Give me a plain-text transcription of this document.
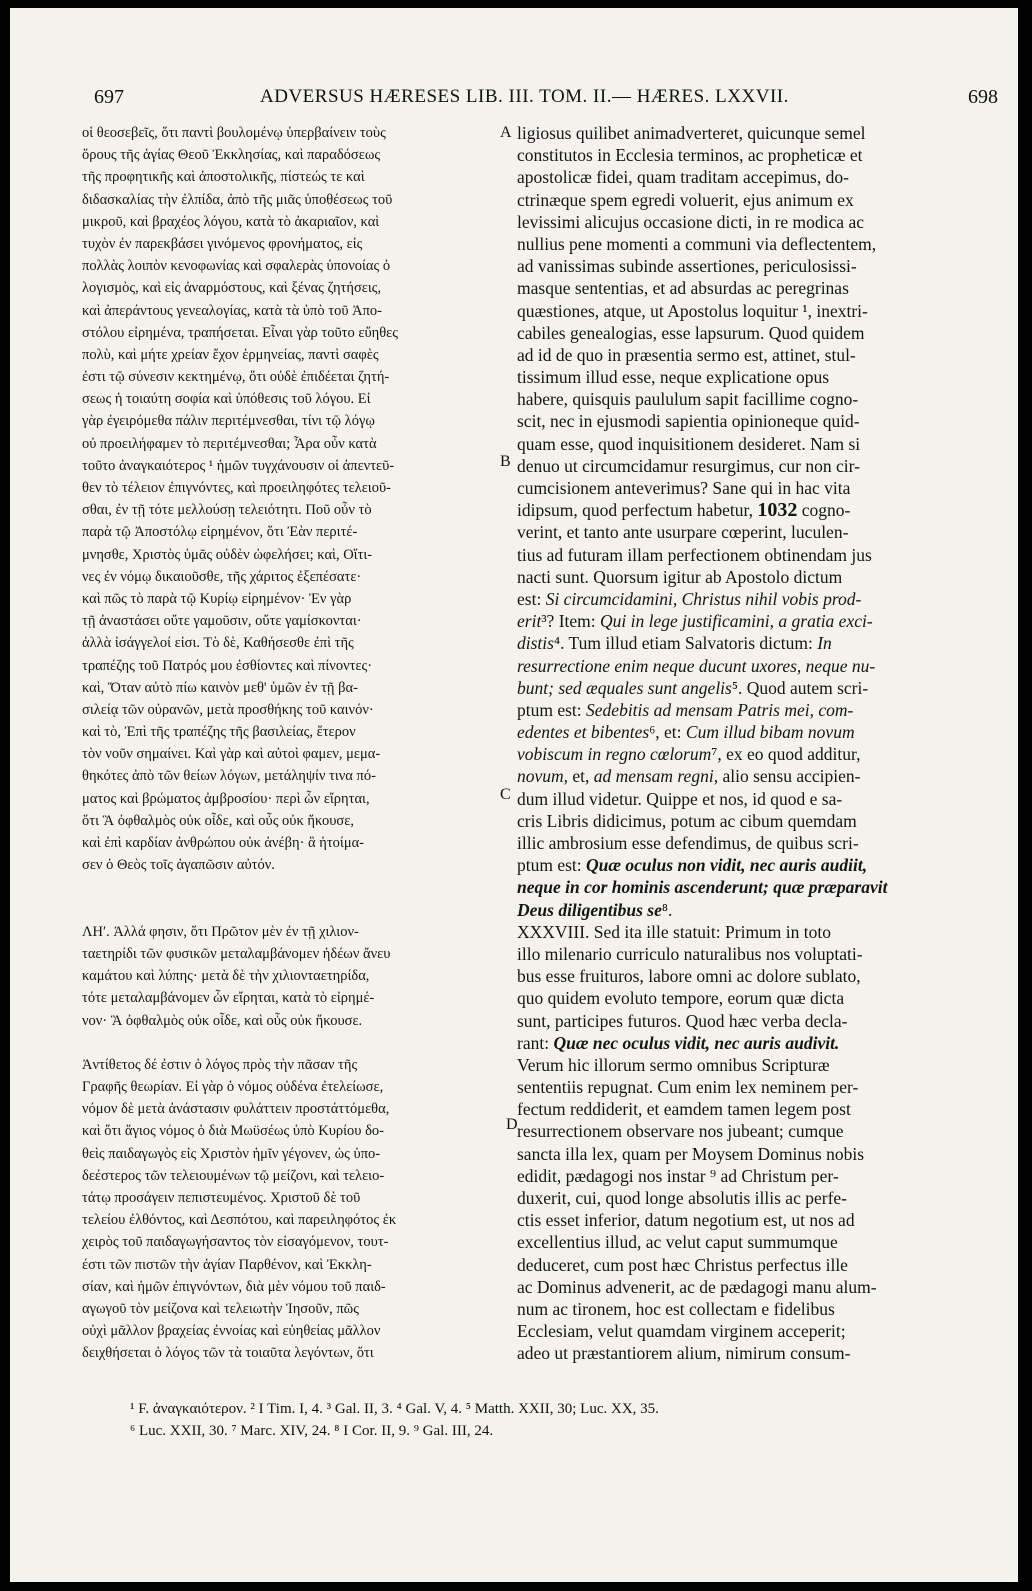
697	ADVERSUS HÆRESES LIB. III. TOM. II.— HÆRES. LXXVII.	698
A
B
C
D
οἱ θεοσεβεῖς, ὅτι παντὶ βουλομένῳ ὑπερβαίνειν τοὺς
ὅρους τῆς ἁγίας Θεοῦ Ἐκκλησίας, καὶ παραδόσεως
τῆς προφητικῆς καὶ ἀποστολικῆς, πίστεώς τε καὶ
διδασκαλίας τὴν ἐλπίδα, ἀπὸ τῆς μιᾶς ὑποθέσεως τοῦ
μικροῦ, καὶ βραχέος λόγου, κατὰ τὸ ἀκαριαῖον, καὶ
τυχὸν ἐν παρεκβάσει γινόμενος φρονήματος, εἰς
πολλὰς λοιπὸν κενοφωνίας καὶ σφαλερὰς ὑπονοίας ὁ
λογισμὸς, καὶ εἰς ἀναρμόστους, καὶ ξένας ζητήσεις,
καὶ ἀπεράντους γενεαλογίας, κατὰ τὰ ὑπὸ τοῦ Ἀπο-
στόλου εἰρημένα, τραπήσεται. Εἶναι γὰρ τοῦτο εὔηθες
πολὺ, καὶ μήτε χρείαν ἔχον ἑρμηνείας, παντὶ σαφὲς
ἐστι τῷ σύνεσιν κεκτημένῳ, ὅτι οὐδὲ ἐπιδέεται ζητή-
σεως ἡ τοιαύτη σοφία καὶ ὑπόθεσις τοῦ λόγου. Εἰ
γὰρ ἐγειρόμεθα πάλιν περιτέμνεσθαι, τίνι τῷ λόγῳ
οὐ προειλήφαμεν τὸ περιτέμνεσθαι; Ἆρα οὖν κατὰ
τοῦτο ἀναγκαιότερος ¹ ἡμῶν τυγχάνουσιν οἱ ἀπεντεῦ-
θεν τὸ τέλειον ἐπιγνόντες, καὶ προειληφότες τελειοῦ-
σθαι, ἐν τῇ τότε μελλούσῃ τελειότητι. Ποῦ οὖν τὸ
παρὰ τῷ Ἀποστόλῳ εἰρημένον, ὅτι Ἐὰν περιτέ-
μνησθε, Χριστὸς ὑμᾶς οὐδὲν ὠφελήσει; καὶ, Οἵτι-
νες ἐν νόμῳ δικαιοῦσθε, τῆς χάριτος ἐξεπέσατε·
καὶ πῶς τὸ παρὰ τῷ Κυρίῳ εἰρημένον· Ἐν γὰρ
τῇ ἀναστάσει οὔτε γαμοῦσιν, οὔτε γαμίσκονται·
ἀλλὰ ἰσάγγελοί εἰσι. Τὸ δὲ, Καθήσεσθε ἐπὶ τῆς
τραπέζης τοῦ Πατρός μου ἐσθίοντες καὶ πίνοντες·
καὶ, Ὅταν αὐτὸ πίω καινὸν μεθ' ὑμῶν ἐν τῇ βα-
σιλείᾳ τῶν οὐρανῶν, μετὰ προσθήκης τοῦ καινόν·
καὶ τὸ, Ἐπὶ τῆς τραπέζης τῆς βασιλείας, ἕτερον
τὸν νοῦν σημαίνει. Καὶ γὰρ καὶ αὐτοὶ φαμεν, μεμα-
θηκότες ἀπὸ τῶν θείων λόγων, μετάληψίν τινα πό-
ματος καὶ βρώματος ἀμβροσίου· περὶ ὧν εἴρηται,
ὅτι Ἃ ὀφθαλμὸς οὐκ οἶδε, καὶ οὖς οὐκ ἤκουσε,
καὶ ἐπὶ καρδίαν ἀνθρώπου οὐκ ἀνέβη· ἃ ἡτοίμα-
σεν ὁ Θεὸς τοῖς ἀγαπῶσιν αὐτόν.
ΛΗʹ. Ἀλλά φησιν, ὅτι Πρῶτον μὲν ἐν τῇ χιλιον-
ταετηρίδι τῶν φυσικῶν μεταλαμβάνομεν ἡδέων ἄνευ
καμάτου καὶ λύπης· μετὰ δὲ τὴν χιλιονταετηρίδα,
τότε μεταλαμβάνομεν ὧν εἴρηται, κατὰ τὸ εἰρημέ-
νον· Ἃ ὀφθαλμὸς οὐκ οἶδε, καὶ οὖς οὐκ ἤκουσε.
Ἀντίθετος δέ ἐστιν ὁ λόγος πρὸς τὴν πᾶσαν τῆς
Γραφῆς θεωρίαν. Εἰ γὰρ ὁ νόμος οὐδένα ἐτελείωσε,
νόμον δὲ μετὰ ἀνάστασιν φυλάττειν προστάττόμεθα,
καὶ ὅτι ἅγιος νόμος ὁ διὰ Μωϋσέως ὑπὸ Κυρίου δο-
θεὶς παιδαγωγὸς εἰς Χριστὸν ἡμῖν γέγονεν, ὡς ὑπο-
δεέστερος τῶν τελειουμένων τῷ μείζονι, καὶ τελειο-
τάτῳ προσάγειν πεπιστευμένος. Χριστοῦ δὲ τοῦ
τελείου ἐλθόντος, καὶ Δεσπότου, καὶ παρειληφότος ἐκ
χειρὸς τοῦ παιδαγωγήσαντος τὸν εἰσαγόμενον, τουτ-
έστι τῶν πιστῶν τὴν ἁγίαν Παρθένον, καὶ Ἐκκλη-
σίαν, καὶ ἡμῶν ἐπιγνόντων, διὰ μὲν νόμου τοῦ παιδ-
αγωγοῦ τὸν μείζονα καὶ τελειωτὴν Ἰησοῦν, πῶς
οὐχὶ μᾶλλον βραχείας ἐννοίας καὶ εὐηθείας μᾶλλον
δειχθήσεται ὁ λόγος τῶν τὰ τοιαῦτα λεγόντων, ὅτι
ligiosus quilibet animadverteret, quicunque semel
constitutos in Ecclesia terminos, ac propheticæ et
apostolicæ fidei, quam traditam accepimus, do-
ctrinæque spem egredi voluerit, ejus animum ex
levissimi alicujus occasione dicti, in re modica ac
nullius pene momenti a communi via deflectentem,
ad vanissimas subinde assertiones, periculosissi-
masque sententias, et ad absurdas ac peregrinas
quæstiones, atque, ut Apostolus loquitur ¹, inextri-
cabiles genealogias, esse lapsurum. Quod quidem
ad id de quo in præsentia sermo est, attinet, stul-
tissimum illud esse, neque explicatione opus
habere, quisquis paululum sapit facillime cogno-
scit, nec in ejusmodi sapientia opinioneque quid-
quam esse, quod inquisitionem desideret. Nam si
denuo ut circumcidamur resurgimus, cur non cir-
cumcisionem anteverimus? Sane qui in hac vita
idipsum, quod perfectum habetur, 1032 cogno-
verint, et tanto ante usurpare cœperint, luculen-
tius ad futuram illam perfectionem obtinendam jus
nacti sunt. Quorsum igitur ab Apostolo dictum
est: Si circumcidamini, Christus nihil vobis prod-
erit³? Item: Qui in lege justificamini, a gratia exci-
distis⁴. Tum illud etiam Salvatoris dictum: In
resurrectione enim neque ducunt uxores, neque nu-
bunt; sed æquales sunt angelis⁵. Quod autem scri-
ptum est: Sedebitis ad mensam Patris mei, com-
edentes et bibentes⁶, et: Cum illud bibam novum
vobiscum in regno cœlorum⁷, ex eo quod additur,
novum, et, ad mensam regni, alio sensu accipien-
dum illud videtur. Quippe et nos, id quod e sa-
cris Libris didicimus, potum ac cibum quemdam
illic ambrosium esse defendimus, de quibus scri-
ptum est: Quæ oculus non vidit, nec auris audiit,
neque in cor hominis ascenderunt; quæ præparavit
Deus diligentibus se⁸.
XXXVIII. Sed ita ille statuit: Primum in toto
illo milenario curriculo naturalibus nos voluptati-
bus esse fruituros, labore omni ac dolore sublato,
quo quidem evoluto tempore, eorum quæ dicta
sunt, participes futuros. Quod hæc verba decla-
rant: Quæ nec oculus vidit, nec auris audivit.
Verum hic illorum sermo omnibus Scripturæ
sententiis repugnat. Cum enim lex neminem per-
fectum reddiderit, et eamdem tamen legem post
resurrectionem observare nos jubeant; cumque
sancta illa lex, quam per Moysem Dominus nobis
edidit, pædagogi nos instar ⁹ ad Christum per-
duxerit, cui, quod longe absolutis illis ac perfe-
ctis esset inferior, datum negotium est, ut nos ad
excellentius illud, ac velut caput summumque
deduceret, cum post hæc Christus perfectus ille
ac Dominus advenerit, ac de pædagogi manu alum-
num ac tironem, hoc est collectam e fidelibus
Ecclesiam, velut quamdam virginem acceperit;
adeo ut præstantiorem alium, nimirum consum-
¹ F. ἀναγκαιότερον. ² I Tim. I, 4. ³ Gal. II, 3. ⁴ Gal. V, 4. ⁵ Matth. XXII, 30; Luc. XX, 35.
⁶ Luc. XXII, 30. ⁷ Marc. XIV, 24. ⁸ I Cor. II, 9. ⁹ Gal. III, 24.
